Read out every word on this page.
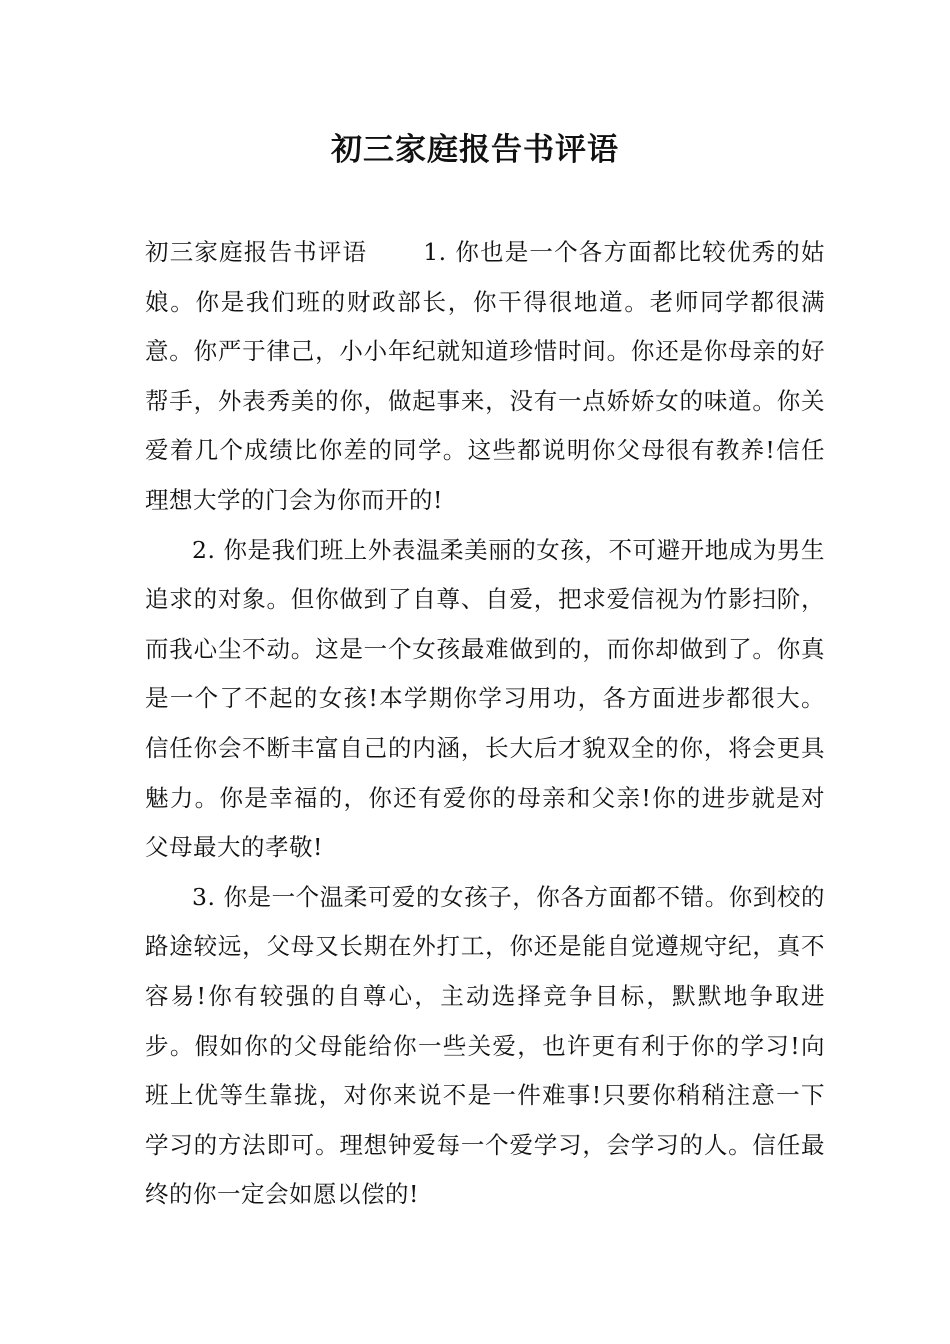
初三家庭报告书评语

初三家庭报告书评语 1. 你也是一个各方面都比较优秀的姑娘。你是我们班的财政部长，你干得很地道。老师同学都很满意。你严于律己，小小年纪就知道珍惜时间。你还是你母亲的好帮手，外表秀美的你，做起事来，没有一点娇娇女的味道。你关爱着几个成绩比你差的同学。这些都说明你父母很有教养!信任理想大学的门会为你而开的!

2. 你是我们班上外表温柔美丽的女孩，不可避开地成为男生追求的对象。但你做到了自尊、自爱，把求爱信视为竹影扫阶，而我心尘不动。这是一个女孩最难做到的，而你却做到了。你真是一个了不起的女孩!本学期你学习用功，各方面进步都很大。信任你会不断丰富自己的内涵，长大后才貌双全的你，将会更具魅力。你是幸福的，你还有爱你的母亲和父亲!你的进步就是对父母最大的孝敬!

3. 你是一个温柔可爱的女孩子，你各方面都不错。你到校的路途较远，父母又长期在外打工，你还是能自觉遵规守纪，真不容易!你有较强的自尊心，主动选择竞争目标，默默地争取进步。假如你的父母能给你一些关爱，也许更有利于你的学习!向班上优等生靠拢，对你来说不是一件难事!只要你稍稍注意一下学习的方法即可。理想钟爱每一个爱学习，会学习的人。信任最终的你一定会如愿以偿的!
